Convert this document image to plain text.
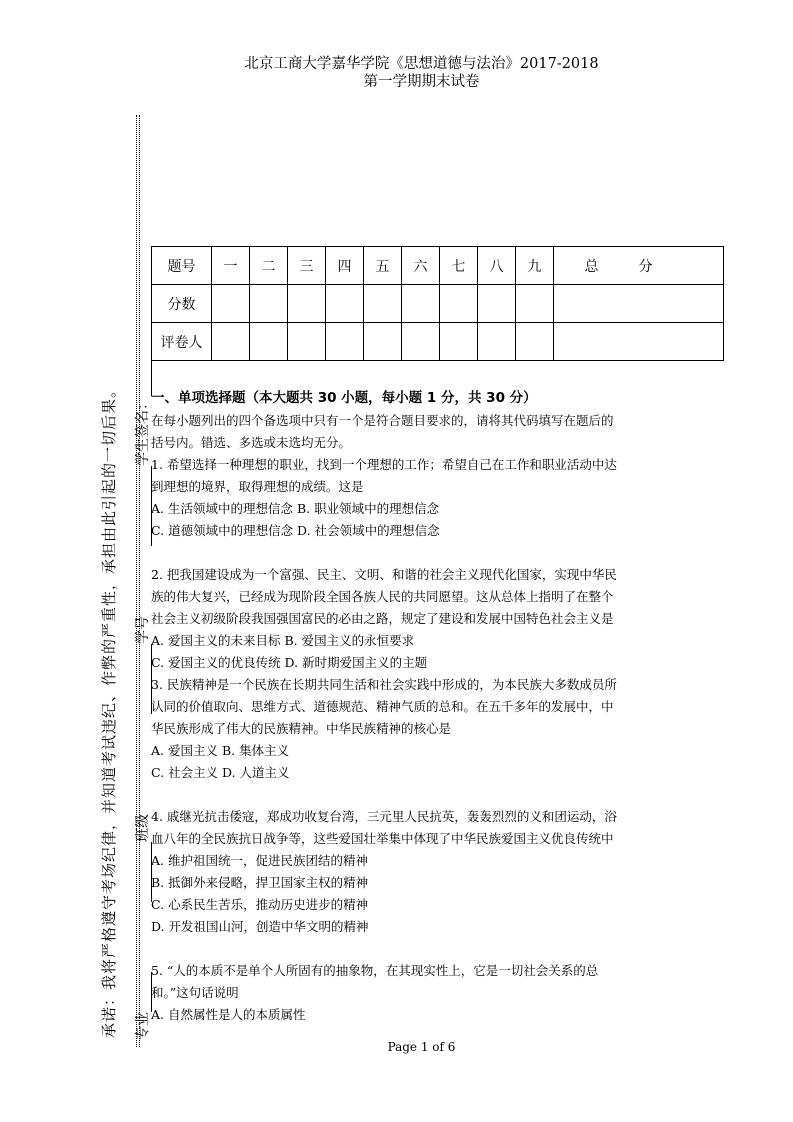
北京工商大学嘉华学院《思想道德与法治》2017-2018
第一学期期末试卷
承诺：我将严格遵守考场纪律，并知道考试违纪、作弊的严重性，承担由此引起的一切后果。 专业班级学号学生签名：
题号	一	二	三	四	五	六	七	八	九	总分
分数										
评卷人										
一、单项选择题（本大题共 30 小题，每小题 1 分，共 30 分）

在每小题列出的四个备选项中只有一个是符合题目要求的，请将其代码填写在题后的

括号内。错选、多选或未选均无分。

1. 希望选择一种理想的职业，找到一个理想的工作；希望自己在工作和职业活动中达

到理想的境界，取得理想的成绩。这是

A. 生活领域中的理想信念 B. 职业领域中的理想信念

C. 道德领域中的理想信念 D. 社会领域中的理想信念

2. 把我国建设成为一个富强、民主、文明、和谐的社会主义现代化国家，实现中华民

族的伟大复兴，已经成为现阶段全国各族人民的共同愿望。这从总体上指明了在整个

社会主义初级阶段我国强国富民的必由之路，规定了建设和发展中国特色社会主义是

A. 爱国主义的未来目标 B. 爱国主义的永恒要求

C. 爱国主义的优良传统 D. 新时期爱国主义的主题

3. 民族精神是一个民族在长期共同生活和社会实践中形成的，为本民族大多数成员所

认同的价值取向、思维方式、道德规范、精神气质的总和。在五千多年的发展中，中

华民族形成了伟大的民族精神。中华民族精神的核心是

A. 爱国主义 B. 集体主义

C. 社会主义 D. 人道主义

4. 戚继光抗击倭寇，郑成功收复台湾，三元里人民抗英，轰轰烈烈的义和团运动，浴

血八年的全民族抗日战争等，这些爱国壮举集中体现了中华民族爱国主义优良传统中

A. 维护祖国统一，促进民族团结的精神

B. 抵御外来侵略，捍卫国家主权的精神

C. 心系民生苦乐，推动历史进步的精神

D. 开发祖国山河，创造中华文明的精神

5. “人的本质不是单个人所固有的抽象物，在其现实性上，它是一切社会关系的总

和。”这句话说明

A. 自然属性是人的本质属性

Page 1 of 6
